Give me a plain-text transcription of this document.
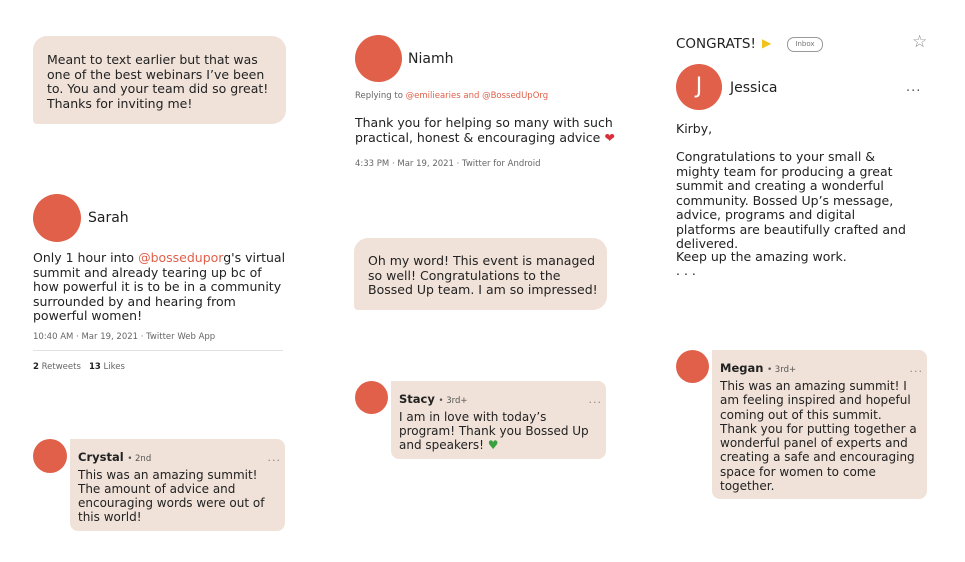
Meant to text earlier but that was one of the best webinars I’ve been to. You and your team did so great! Thanks for inviting me!
Sarah
Only 1 hour into @bosseduporg's virtual summit and already tearing up bc of how powerful it is to be in a community surrounded by and hearing from powerful women!
10:40 AM · Mar 19, 2021 · Twitter Web App
2 Retweets 13 Likes
Crystal • 2nd	...
This was an amazing summit! The amount of advice and encouraging words were out of this world!
Niamh
Replying to @emiliearies and @BossedUpOrg
Thank you for helping so many with such practical, honest & encouraging advice ❤
4:33 PM · Mar 19, 2021 · Twitter for Android
Oh my word! This event is managed so well! Congratulations to the Bossed Up team. I am so impressed!
Stacy • 3rd+	...
I am in love with today’s program! Thank you Bossed Up and speakers! ♥
CONGRATS! ▶	Inbox	☆
J	Jessica	...
Kirby,
Congratulations to your small & mighty team for producing a great summit and creating a wonderful community. Bossed Up’s message, advice, programs and digital platforms are beautifully crafted and delivered.
Keep up the amazing work.
. . .
Megan • 3rd+	...
This was an amazing summit! I am feeling inspired and hopeful coming out of this summit. Thank you for putting together a wonderful panel of experts and creating a safe and encouraging space for women to come together.
